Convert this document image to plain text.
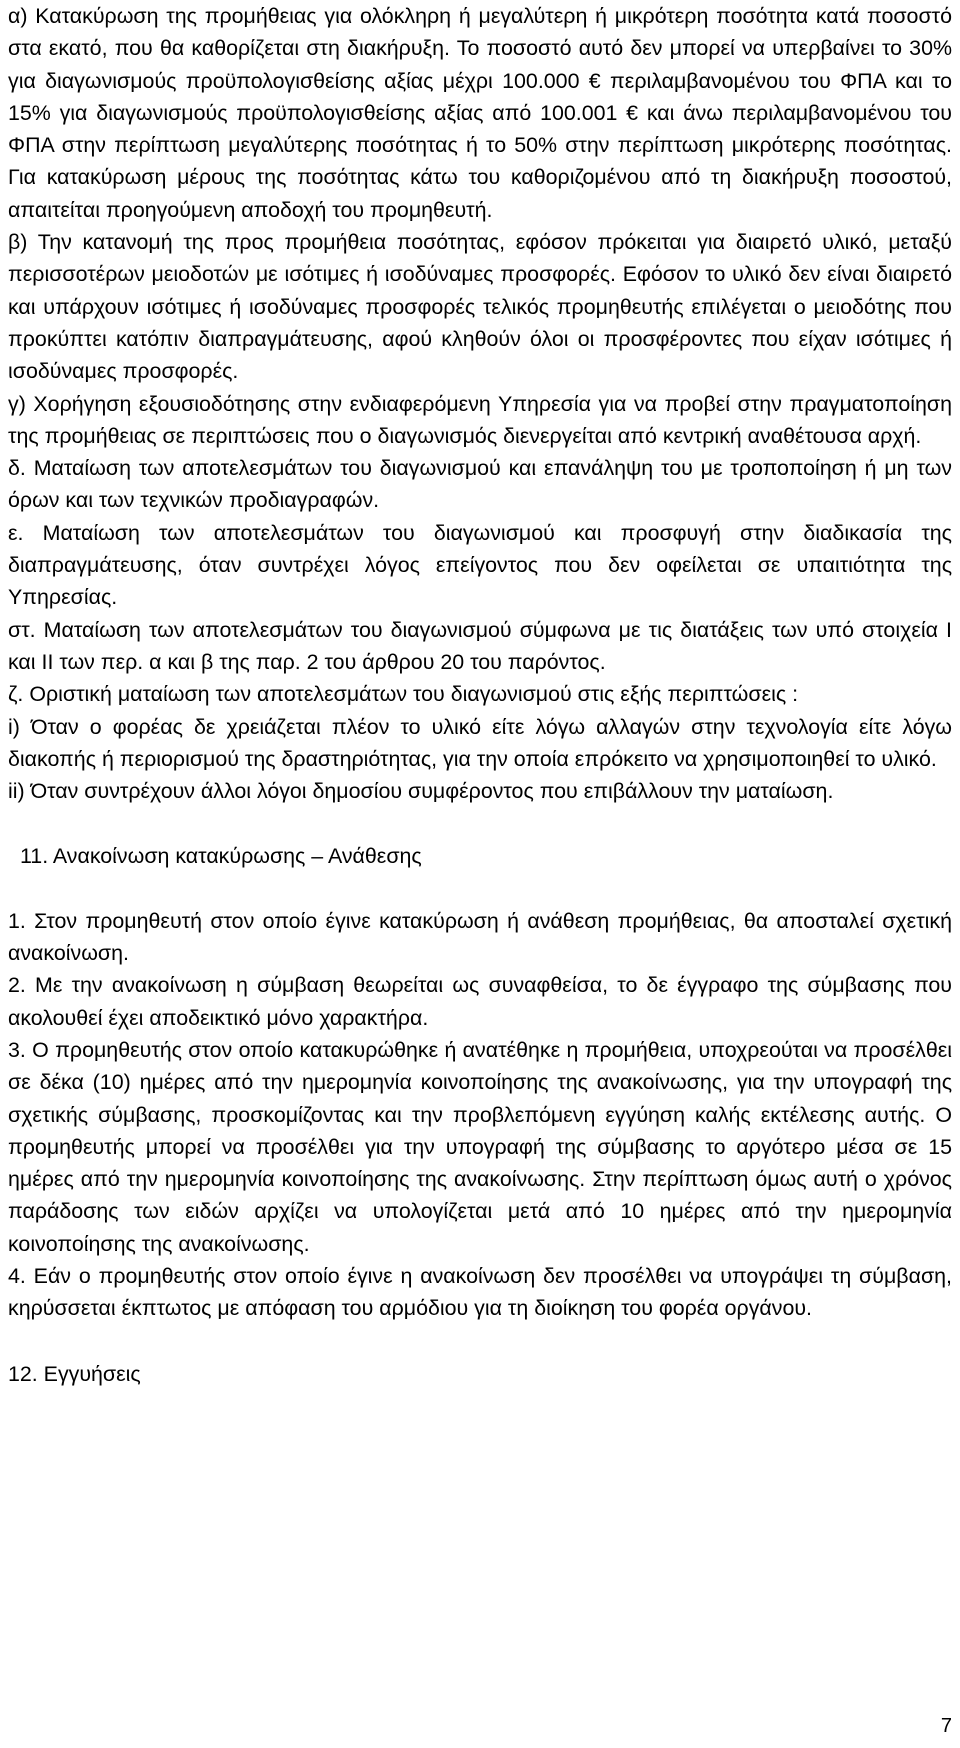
α) Κατακύρωση της προμήθειας για ολόκληρη ή μεγαλύτερη ή μικρότερη ποσότητα κατά ποσοστό στα εκατό, που θα καθορίζεται στη διακήρυξη. Το ποσοστό αυτό δεν μπορεί να υπερβαίνει το 30% για διαγωνισμούς προϋπολογισθείσης αξίας μέχρι 100.000 € περιλαμβανομένου του ΦΠΑ και το 15% για διαγωνισμούς προϋπολογισθείσης αξίας από 100.001 € και άνω περιλαμβανομένου του ΦΠΑ στην περίπτωση μεγαλύτερης ποσότητας ή το 50% στην περίπτωση μικρότερης ποσότητας. Για κατακύρωση μέρους της ποσότητας κάτω του καθοριζομένου από τη διακήρυξη ποσοστού, απαιτείται προηγούμενη αποδοχή του προμηθευτή.

β) Την κατανομή της προς προμήθεια ποσότητας, εφόσον πρόκειται για διαιρετό υλικό, μεταξύ περισσοτέρων μειοδοτών με ισότιμες ή ισοδύναμες προσφορές. Εφόσον το υλικό δεν είναι διαιρετό και υπάρχουν ισότιμες ή ισοδύναμες προσφορές τελικός προμηθευτής επιλέγεται ο μειοδότης που προκύπτει κατόπιν διαπραγμάτευσης, αφού κληθούν όλοι οι προσφέροντες που είχαν ισότιμες ή ισοδύναμες προσφορές.

γ) Χορήγηση εξουσιοδότησης στην ενδιαφερόμενη Υπηρεσία για να προβεί στην πραγματοποίηση της προμήθειας σε περιπτώσεις που ο διαγωνισμός διενεργείται από κεντρική αναθέτουσα αρχή.

δ. Ματαίωση των αποτελεσμάτων του διαγωνισμού και επανάληψη του με τροποποίηση ή μη των όρων και των τεχνικών προδιαγραφών.

ε. Ματαίωση των αποτελεσμάτων του διαγωνισμού και προσφυγή στην διαδικασία της διαπραγμάτευσης, όταν συντρέχει λόγος επείγοντος που δεν οφείλεται σε υπαιτιότητα της Υπηρεσίας.

στ. Ματαίωση των αποτελεσμάτων του διαγωνισμού σύμφωνα με τις διατάξεις των υπό στοιχεία Ι και ΙΙ των περ. α και β της παρ. 2 του άρθρου 20 του παρόντος.

ζ. Οριστική ματαίωση των αποτελεσμάτων του διαγωνισμού στις εξής περιπτώσεις :

i) Όταν ο φορέας δε χρειάζεται πλέον το υλικό είτε λόγω αλλαγών στην τεχνολογία είτε λόγω διακοπής ή περιορισμού της δραστηριότητας, για την οποία επρόκειτο να χρησιμοποιηθεί το υλικό.

ii) Όταν συντρέχουν άλλοι λόγοι δημοσίου συμφέροντος που επιβάλλουν την ματαίωση.

11. Ανακοίνωση κατακύρωσης – Ανάθεσης

1. Στον προμηθευτή στον οποίο έγινε κατακύρωση ή ανάθεση προμήθειας, θα αποσταλεί σχετική ανακοίνωση.

2. Με την ανακοίνωση η σύμβαση θεωρείται ως συναφθείσα, το δε έγγραφο της σύμβασης που ακολουθεί έχει αποδεικτικό μόνο χαρακτήρα.

3. Ο προμηθευτής στον οποίο κατακυρώθηκε ή ανατέθηκε η προμήθεια, υποχρεούται να προσέλθει σε δέκα (10) ημέρες από την ημερομηνία κοινοποίησης της ανακοίνωσης, για την υπογραφή της σχετικής σύμβασης, προσκομίζοντας και την προβλεπόμενη εγγύηση καλής εκτέλεσης αυτής. Ο προμηθευτής μπορεί να προσέλθει για την υπογραφή της σύμβασης το αργότερο μέσα σε 15 ημέρες από την ημερομηνία κοινοποίησης της ανακοίνωσης. Στην περίπτωση όμως αυτή ο χρόνος παράδοσης των ειδών αρχίζει να υπολογίζεται μετά από 10 ημέρες από την ημερομηνία κοινοποίησης της ανακοίνωσης.

4. Εάν ο προμηθευτής στον οποίο έγινε η ανακοίνωση δεν προσέλθει να υπογράψει τη σύμβαση, κηρύσσεται έκπτωτος με απόφαση του αρμόδιου για τη διοίκηση του φορέα οργάνου.

12. Εγγυήσεις

7
